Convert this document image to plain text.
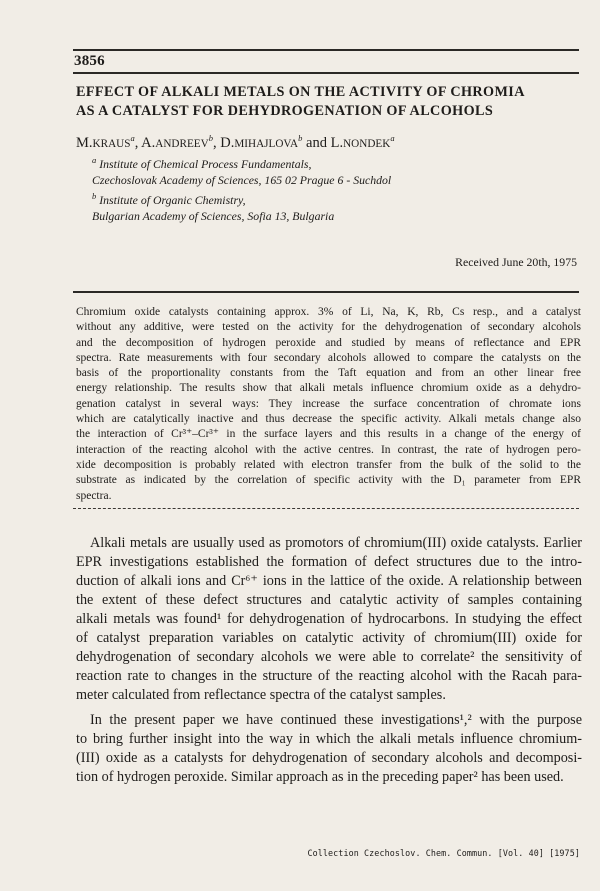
3856
EFFECT OF ALKALI METALS ON THE ACTIVITY OF CHROMIA
AS A CATALYST FOR DEHYDROGENATION OF ALCOHOLS
M.KRAUS$^a$, A.ANDREEV$^b$, D.MIHAJLOVA$^b$ and L.NONDEK$^a$
$^a$ Institute of Chemical Process Fundamentals,
Czechoslovak Academy of Sciences, 165 02 Prague 6 - Suchdol
$^b$ Institute of Organic Chemistry,
Bulgarian Academy of Sciences, Sofia 13, Bulgaria
Received June 20th, 1975
Chromium oxide catalysts containing approx. 3% of Li, Na, K, Rb, Cs resp., and a catalyst
without any additive, were tested on the activity for the dehydrogenation of secondary alcohols
and the decomposition of hydrogen peroxide and studied by means of reflectance and EPR
spectra. Rate measurements with four secondary alcohols allowed to compare the catalysts on the
basis of the proportionality constants from the Taft equation and from an other linear free
energy relationship. The results show that alkali metals influence chromium oxide as a dehydro-
genation catalyst in several ways: They increase the surface concentration of chromate ions
which are catalytically inactive and thus decrease the specific activity. Alkali metals change also
the interaction of Cr³⁺–Cr³⁺ in the surface layers and this results in a change of the energy of
interaction of the reacting alcohol with the active centres. In contrast, the rate of hydrogen pero-
xide decomposition is probably related with electron transfer from the bulk of the solid to the
substrate as indicated by the correlation of specific activity with the D₁ parameter from EPR
spectra.
Alkali metals are usually used as promotors of chromium(III) oxide catalysts. Earlier
EPR investigations established the formation of defect structures due to the intro-
duction of alkali ions and Cr⁶⁺ ions in the lattice of the oxide. A relationship between
the extent of these defect structures and catalytic activity of samples containing
alkali metals was found¹ for dehydrogenation of hydrocarbons. In studying the effect
of catalyst preparation variables on catalytic activity of chromium(III) oxide for
dehydrogenation of secondary alcohols we were able to correlate² the sensitivity of
reaction rate to changes in the structure of the reacting alcohol with the Racah para-
meter calculated from reflectance spectra of the catalyst samples.
In the present paper we have continued these investigations¹,² with the purpose
to bring further insight into the way in which the alkali metals influence chromium-
(III) oxide as a catalysts for dehydrogenation of secondary alcohols and decomposi-
tion of hydrogen peroxide. Similar approach as in the preceding paper² has been used.
Collection Czechoslov. Chem. Commun. [Vol. 40] [1975]
